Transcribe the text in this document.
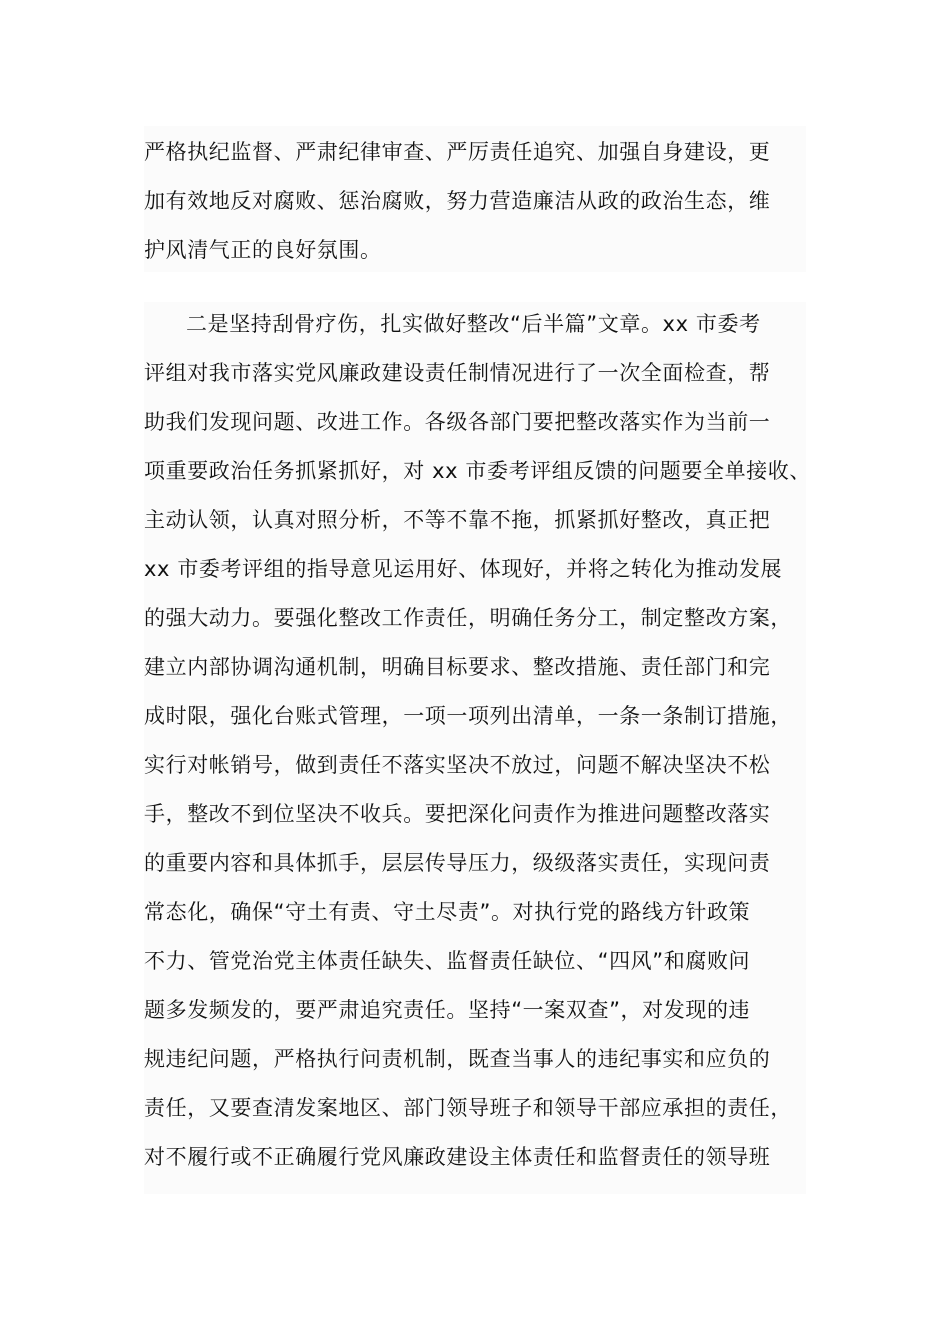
严格执纪监督、严肃纪律审查、严厉责任追究、加强自身建设，更
加有效地反对腐败、惩治腐败，努力营造廉洁从政的政治生态，维
护风清气正的良好氛围。
二是坚持刮骨疗伤，扎实做好整改“后半篇”文章。xx 市委考
评组对我市落实党风廉政建设责任制情况进行了一次全面检查，帮
助我们发现问题、改进工作。各级各部门要把整改落实作为当前一
项重要政治任务抓紧抓好，对 xx 市委考评组反馈的问题要全单接收、
主动认领，认真对照分析，不等不靠不拖，抓紧抓好整改，真正把
xx 市委考评组的指导意见运用好、体现好，并将之转化为推动发展
的强大动力。要强化整改工作责任，明确任务分工，制定整改方案，
建立内部协调沟通机制，明确目标要求、整改措施、责任部门和完
成时限，强化台账式管理，一项一项列出清单，一条一条制订措施，
实行对帐销号，做到责任不落实坚决不放过，问题不解决坚决不松
手，整改不到位坚决不收兵。要把深化问责作为推进问题整改落实
的重要内容和具体抓手，层层传导压力，级级落实责任，实现问责
常态化，确保“守土有责、守土尽责”。对执行党的路线方针政策
不力、管党治党主体责任缺失、监督责任缺位、“四风”和腐败问
题多发频发的，要严肃追究责任。坚持“一案双查”，对发现的违
规违纪问题，严格执行问责机制，既查当事人的违纪事实和应负的
责任，又要查清发案地区、部门领导班子和领导干部应承担的责任，
对不履行或不正确履行党风廉政建设主体责任和监督责任的领导班
